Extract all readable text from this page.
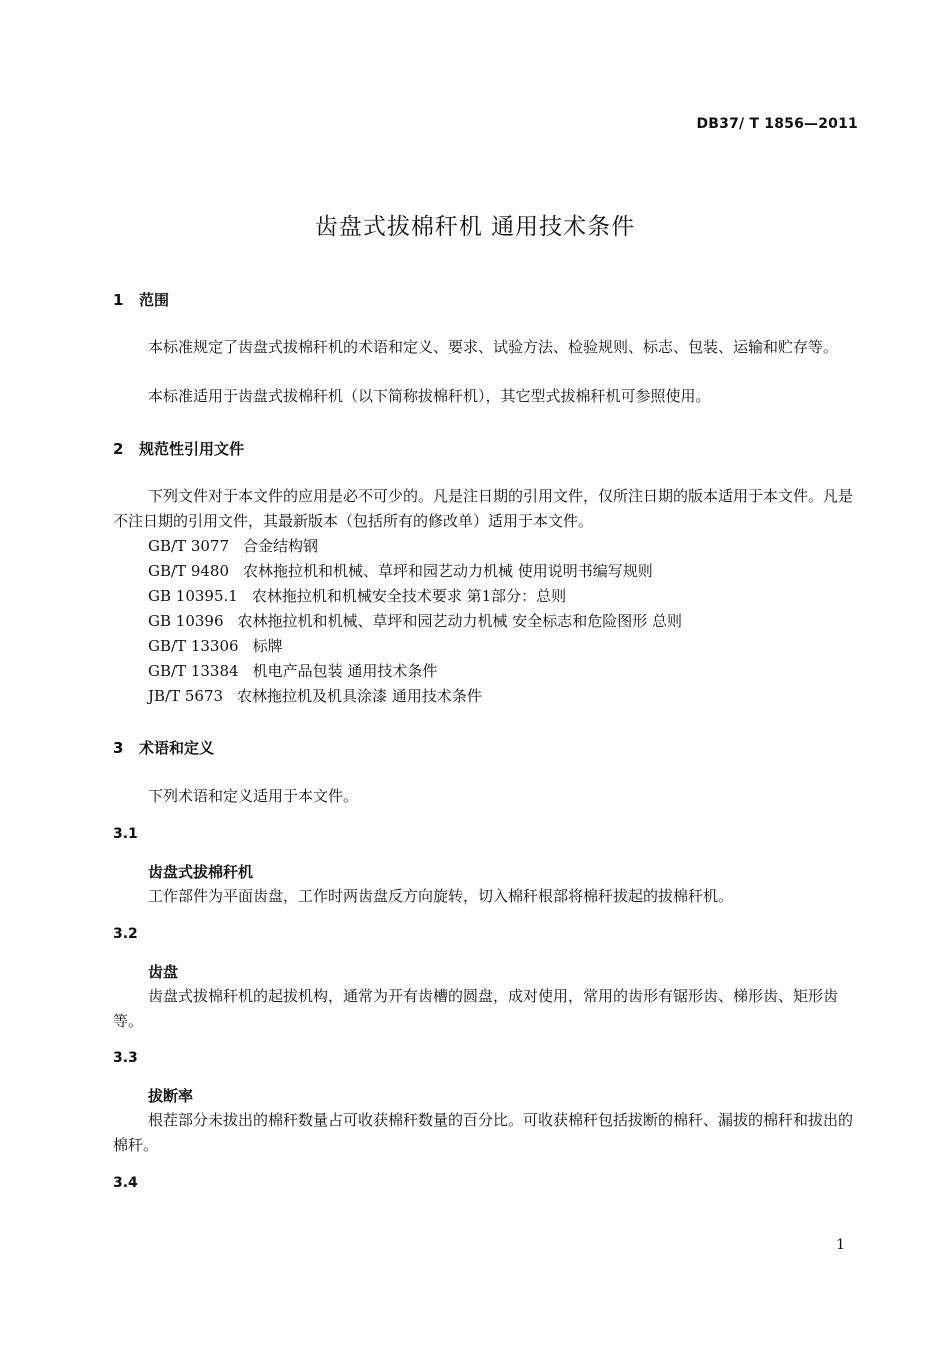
DB37/ T 1856—2011
齿盘式拔棉秆机 通用技术条件
1 范围
本标准规定了齿盘式拔棉秆机的术语和定义、要求、试验方法、检验规则、标志、包装、运输和贮存等。
本标准适用于齿盘式拔棉秆机（以下简称拔棉秆机），其它型式拔棉秆机可参照使用。
2 规范性引用文件
下列文件对于本文件的应用是必不可少的。凡是注日期的引用文件，仅所注日期的版本适用于本文件。凡是不注日期的引用文件，其最新版本（包括所有的修改单）适用于本文件。
GB/T 3077 合金结构钢
GB/T 9480 农林拖拉机和机械、草坪和园艺动力机械 使用说明书编写规则
GB 10395.1 农林拖拉机和机械安全技术要求 第1部分：总则
GB 10396 农林拖拉机和机械、草坪和园艺动力机械 安全标志和危险图形 总则
GB/T 13306 标牌
GB/T 13384 机电产品包装 通用技术条件
JB/T 5673 农林拖拉机及机具涂漆 通用技术条件
3 术语和定义
下列术语和定义适用于本文件。
3.1
齿盘式拔棉秆机
工作部件为平面齿盘，工作时两齿盘反方向旋转，切入棉秆根部将棉秆拔起的拔棉秆机。
3.2
齿盘
齿盘式拔棉秆机的起拔机构，通常为开有齿槽的圆盘，成对使用，常用的齿形有锯形齿、梯形齿、矩形齿等。
3.3
拔断率
根茬部分未拔出的棉秆数量占可收获棉秆数量的百分比。可收获棉秆包括拔断的棉秆、漏拔的棉秆和拔出的棉秆。
3.4
1
